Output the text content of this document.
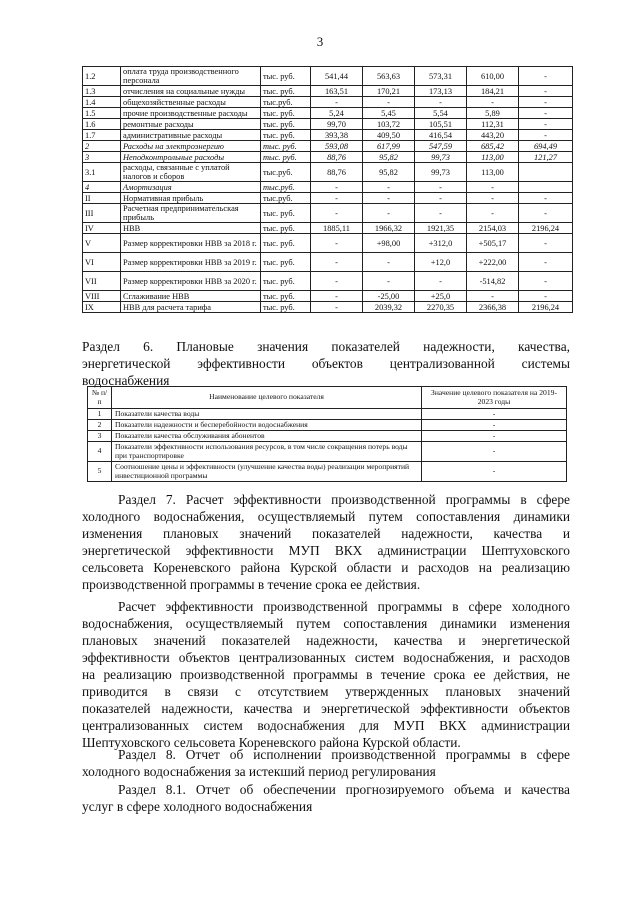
3
1.2	оплата труда производственного персонала	тыс. руб.	541,44	563,63	573,31	610,00	-
1.3	отчисления на социальные нужды	тыс. руб.	163,51	170,21	173,13	184,21	-
1.4	общехозяйственные расходы	тыс.руб.	-	-	-	-	-
1.5	прочие производственные расходы	тыс. руб.	5,24	5,45	5,54	5,89	-
1.6	ремонтные расходы	тыс. руб.	99,70	103,72	105,51	112,31	-
1.7	административные расходы	тыс. руб.	393,38	409,50	416,54	443,20	-
2	Расходы на электроэнергию	тыс. руб.	593,08	617,99	547,59	685,42	694,49
3	Неподконтрольные расходы	тыс. руб.	88,76	95,82	99,73	113,00	121,27
3.1	расходы, связанные с уплатой налогов и сборов	тыс.руб.	88,76	95,82	99,73	113,00	
4	Амортизация	тыс.руб.	-	-	-	-	
II	Нормативная прибыль	тыс.руб.	-	-	-	-	-
III	Расчетная предпринимательская прибыль	тыс. руб.	-	-	-	-	-
IV	НВВ	тыс. руб.	1885,11	1966,32	1921,35	2154,03	2196,24
V	Размер корректировки НВВ за 2018 г.	тыс. руб.	-	+98,00	+312,0	+505,17	-
VI	Размер корректировки НВВ за 2019 г.	тыс. руб.	-	-	+12,0	+222,00	-
VII	Размер корректировки НВВ за 2020 г.	тыс. руб.	-	-	-	-514,82	-
VIII	Сглаживание НВВ	тыс. руб.	-	-25,00	+25,0	-	-
IX	НВВ для расчета тарифа	тыс. руб.	-	2039,32	2270,35	2366,38	2196,24
Раздел 6. Плановые значения показателей надежности, качества,
энергетической эффективности объектов централизованной системы
водоснабжения
№ п/п	Наименование целевого показателя	Значение целевого показателя на 2019-2023 годы
1	Показатели качества воды	-
2	Показатели надежности и бесперебойности водоснабжения	-
3	Показатели качества обслуживания абонентов	-
4	Показатели эффективности использования ресурсов, в том числе сокращения потерь воды при транспортировке	-
5	Соотношение цены и эффективности (улучшение качества воды) реализации мероприятий инвестиционной программы	-
Раздел 7. Расчет эффективности производственной программы в сфере
холодного водоснабжения, осуществляемый путем сопоставления динамики
изменения плановых значений показателей надежности, качества и
энергетической эффективности МУП ВКХ администрации Шептуховского
сельсовета Кореневского района Курской области и расходов на реализацию
производственной программы в течение срока ее действия.
Расчет эффективности производственной программы в сфере холодного
водоснабжения, осуществляемый путем сопоставления динамики изменения
плановых значений показателей надежности, качества и энергетической
эффективности объектов централизованных систем водоснабжения, и расходов
на реализацию производственной программы в течение срока ее действия, не
приводится в связи с отсутствием утвержденных плановых значений
показателей надежности, качества и энергетической эффективности объектов
централизованных систем водоснабжения для МУП ВКХ администрации
Шептуховского сельсовета Кореневского района Курской области.
Раздел 8. Отчет об исполнении производственной программы в сфере
холодного водоснабжения за истекший период регулирования
Раздел 8.1. Отчет об обеспечении прогнозируемого объема и качества
услуг в сфере холодного водоснабжения
